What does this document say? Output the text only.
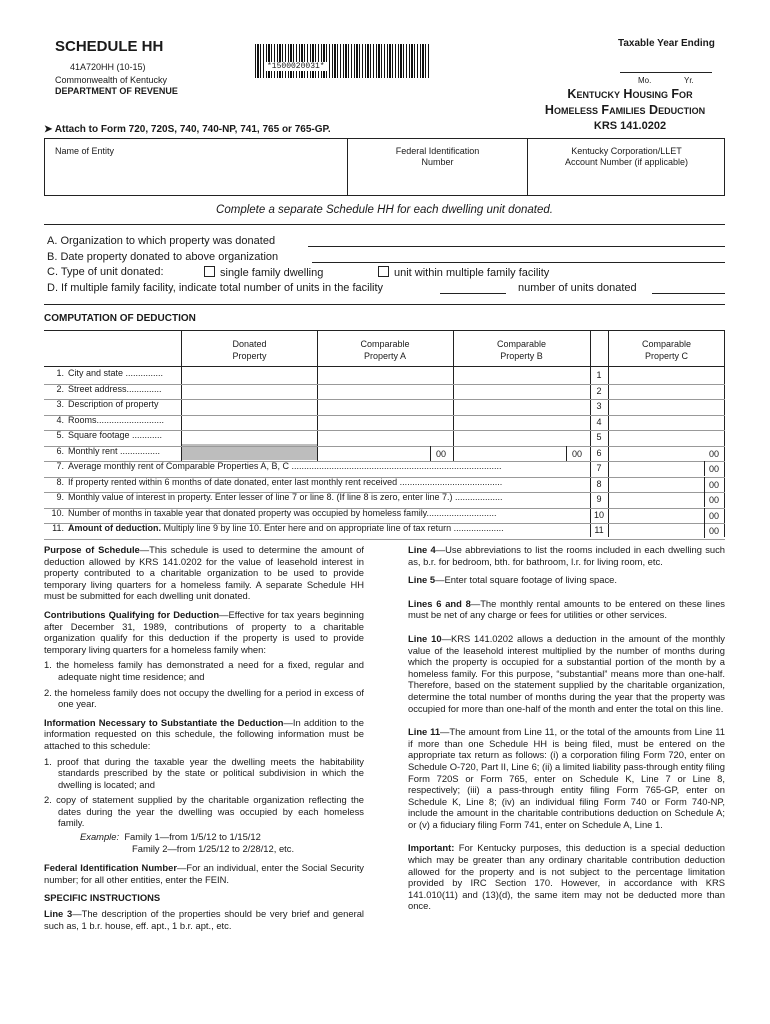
SCHEDULE HH
41A720HH (10-15)
Commonwealth of Kentucky
DEPARTMENT OF REVENUE
*1500020031*
Taxable Year Ending
Mo.	Yr.
Kentucky Housing For
Homeless Families Deduction
KRS 141.0202
➤ Attach to Form 720, 720S, 740, 740-NP, 741, 765 or 765-GP.
Name of Entity	Federal Identification
Number
Kentucky Corporation/LLET
Account Number (if applicable)
Complete a separate Schedule HH for each dwelling unit donated.
A. Organization to which property was donated
B. Date property donated to above organization
C. Type of unit donated:	single family dwelling	unit within multiple family facility
D. If multiple family facility, indicate total number of units in the facility	number of units donated
COMPUTATION OF DEDUCTION
Donated
Property
Comparable
Property A
Comparable
Property B
Comparable
Property C
1. City and state ...............	1
2. Street address..............	2
3. Description of property	3
4. Rooms...........................	4
5. Square footage ............	5
6. Monthly rent ................	6
00	00	00
7. Average monthly rent of Comparable Properties A, B, C ....................................................................................	7	00
8. If property rented within 6 months of date donated, enter last monthly rent received .........................................	8	00
9. Monthly value of interest in property. Enter lesser of line 7 or line 8. (If line 8 is zero, enter line 7.) ...................	9	00
10. Number of months in taxable year that donated property was occupied by homeless family............................	10	00
11. Amount of deduction. Multiply line 9 by line 10. Enter here and on appropriate line of tax return ....................	11	00

Purpose of Schedule—This schedule is used to determine the amount of deduction allowed by KRS 141.0202 for the value of leasehold interest in property contributed to a charitable organization to be used to provide temporary living quarters for a homeless family. A separate Schedule HH must be submitted for each dwelling unit donated.

Contributions Qualifying for Deduction—Effective for tax years beginning after December 31, 1989, contributions of property to a charitable organization qualify for this deduction if the property is used to provide temporary living quarters for a homeless family when:

1. the homeless family has demonstrated a need for a fixed, regular and adequate night time residence; and

2. the homeless family does not occupy the dwelling for a period in excess of one year.

Information Necessary to Substantiate the Deduction—In addition to the information requested on this schedule, the following information must be attached to this schedule:

1. proof that during the taxable year the dwelling meets the habitability standards prescribed by the state or political subdivision in which the dwelling is located; and

2. copy of statement supplied by the charitable organization reflecting the dates during the year the dwelling was occupied by each homeless family.

Example: Family 1—from 1/5/12 to 1/15/12

Family 2—from 1/25/12 to 2/28/12, etc.

Federal Identification Number—For an individual, enter the Social Security number; for all other entities, enter the FEIN.

SPECIFIC INSTRUCTIONS

Line 3—The description of the properties should be very brief and general such as, 1 b.r. house, eff. apt., 1 b.r. apt., etc.

Line 4—Use abbreviations to list the rooms included in each dwelling such as, b.r. for bedroom, bth. for bathroom, l.r. for living room, etc.

Line 5—Enter total square footage of living space.

Lines 6 and 8—The monthly rental amounts to be entered on these lines must be net of any charge or fees for utilities or other services.

Line 10—KRS 141.0202 allows a deduction in the amount of the monthly value of the leasehold interest multiplied by the number of months during which the property is occupied for a substantial portion of the month by a homeless family. For this purpose, “substantial” means more than one-half. Therefore, based on the statement supplied by the charitable organization, determine the total number of months during the year that the property was occupied for more than one-half of the month and enter the total on this line.

Line 11—The amount from Line 11, or the total of the amounts from Line 11 if more than one Schedule HH is being filed, must be entered on the appropriate tax return as follows: (i) a corporation filing Form 720, enter on Schedule O-720, Part II, Line 6; (ii) a limited liability pass-through entity filing Form 720S or Form 765, enter on Schedule K, Line 7 or Line 8, respectively; (iii) a pass-through entity filing Form 765-GP, enter on Schedule K, Line 8; (iv) an individual filing Form 740 or Form 740-NP, include the amount in the charitable contributions deduction on Schedule A; or (v) a fiduciary filing Form 741, enter on Schedule A, Line 1.

Important: For Kentucky purposes, this deduction is a special deduction which may be greater than any ordinary charitable contribution deduction allowed for the property and is not subject to the percentage limitation provided by IRC Section 170. However, in accordance with KRS 141.010(11) and (13)(d), the same item may not be deducted more than once.
